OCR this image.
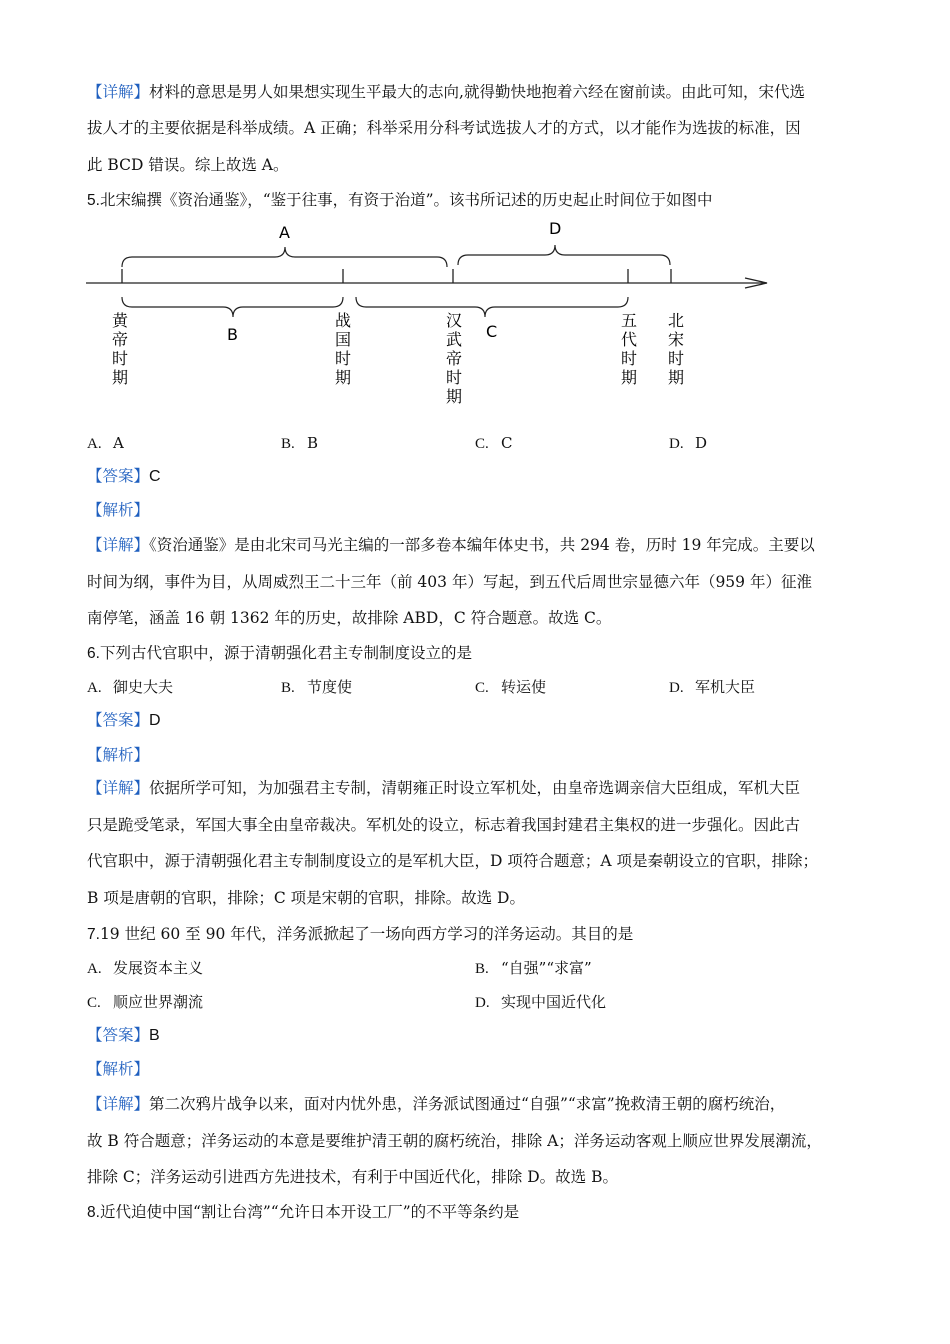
【详解】材料的意思是男人如果想实现生平最大的志向,就得勤快地抱着六经在窗前读。由此可知，宋代选
拔人才的主要依据是科举成绩。A 正确；科举采用分科考试选拔人才的方式，以才能作为选拔的标准，因
此 BCD 错误。综上故选 A。
5.北宋编撰《资治通鉴》，“鉴于往事，有资于治道”。该书所记述的历史起止时间位于如图中
A	D
B	C
黄帝时期
战国时期
汉武帝时期
五代时期
北宋时期
A. A	B. B	C. C	D. D
【答案】C
【解析】
【详解】《资治通鉴》是由北宋司马光主编的一部多卷本编年体史书，共 294 卷，历时 19 年完成。主要以
时间为纲，事件为目，从周威烈王二十三年（前 403 年）写起，到五代后周世宗显德六年（959 年）征淮
南停笔，涵盖 16 朝 1362 年的历史，故排除 ABD，C 符合题意。故选 C。
6.下列古代官职中，源于清朝强化君主专制制度设立的是
A. 御史大夫	B. 节度使	C. 转运使	D. 军机大臣
【答案】D
【解析】
【详解】依据所学可知，为加强君主专制，清朝雍正时设立军机处，由皇帝选调亲信大臣组成，军机大臣
只是跪受笔录，军国大事全由皇帝裁决。军机处的设立，标志着我国封建君主集权的进一步强化。因此古
代官职中，源于清朝强化君主专制制度设立的是军机大臣，D 项符合题意；A 项是秦朝设立的官职，排除；
B 项是唐朝的官职，排除；C 项是宋朝的官职，排除。故选 D。
7.19 世纪 60 至 90 年代，洋务派掀起了一场向西方学习的洋务运动。其目的是
A. 发展资本主义	B. “自强”“求富”
C. 顺应世界潮流	D. 实现中国近代化
【答案】B
【解析】
【详解】第二次鸦片战争以来，面对内忧外患，洋务派试图通过“自强”“求富”挽救清王朝的腐朽统治，
故 B 符合题意；洋务运动的本意是要维护清王朝的腐朽统治，排除 A；洋务运动客观上顺应世界发展潮流，
排除 C；洋务运动引进西方先进技术，有利于中国近代化，排除 D。故选 B。
8.近代迫使中国“割让台湾”“允许日本开设工厂”的不平等条约是
